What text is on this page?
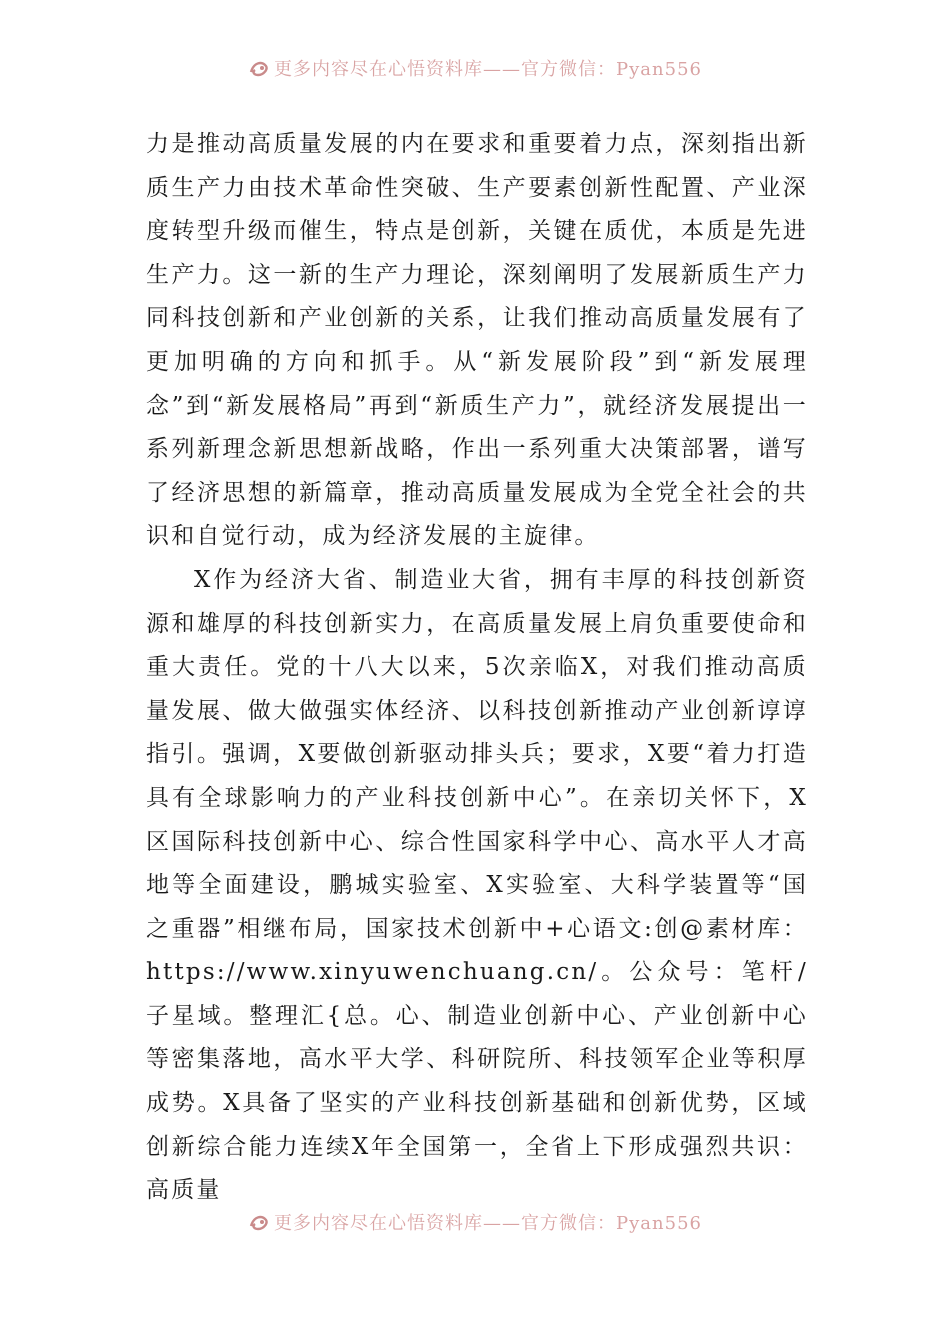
更多内容尽在心悟资料库——官方微信：Pyan556

力是推动高质量发展的内在要求和重要着力点，深刻指出新质生产力由技术革命性突破、生产要素创新性配置、产业深度转型升级而催生，特点是创新，关键在质优，本质是先进生产力。这一新的生产力理论，深刻阐明了发展新质生产力同科技创新和产业创新的关系，让我们推动高质量发展有了更加明确的方向和抓手。从“新发展阶段”到“新发展理念”到“新发展格局”再到“新质生产力”，就经济发展提出一系列新理念新思想新战略，作出一系列重大决策部署，谱写了经济思想的新篇章，推动高质量发展成为全党全社会的共识和自觉行动，成为经济发展的主旋律。

X作为经济大省、制造业大省，拥有丰厚的科技创新资源和雄厚的科技创新实力，在高质量发展上肩负重要使命和重大责任。党的十八大以来，5次亲临X，对我们推动高质量发展、做大做强实体经济、以科技创新推动产业创新谆谆指引。强调，X要做创新驱动排头兵；要求，X要“着力打造具有全球影响力的产业科技创新中心”。在亲切关怀下，X区国际科技创新中心、综合性国家科学中心、高水平人才高地等全面建设，鹏城实验室、X实验室、大科学装置等“国之重器”相继布局，国家技术创新中+心语文:创@素材库：https://www.xinyuwenchuang.cn/。公众号：笔杆/子星域。整理汇{总。心、制造业创新中心、产业创新中心等密集落地，高水平大学、科研院所、科技领军企业等积厚成势。X具备了坚实的产业科技创新基础和创新优势，区域创新综合能力连续X年全国第一，全省上下形成强烈共识：高质量

更多内容尽在心悟资料库——官方微信：Pyan556
